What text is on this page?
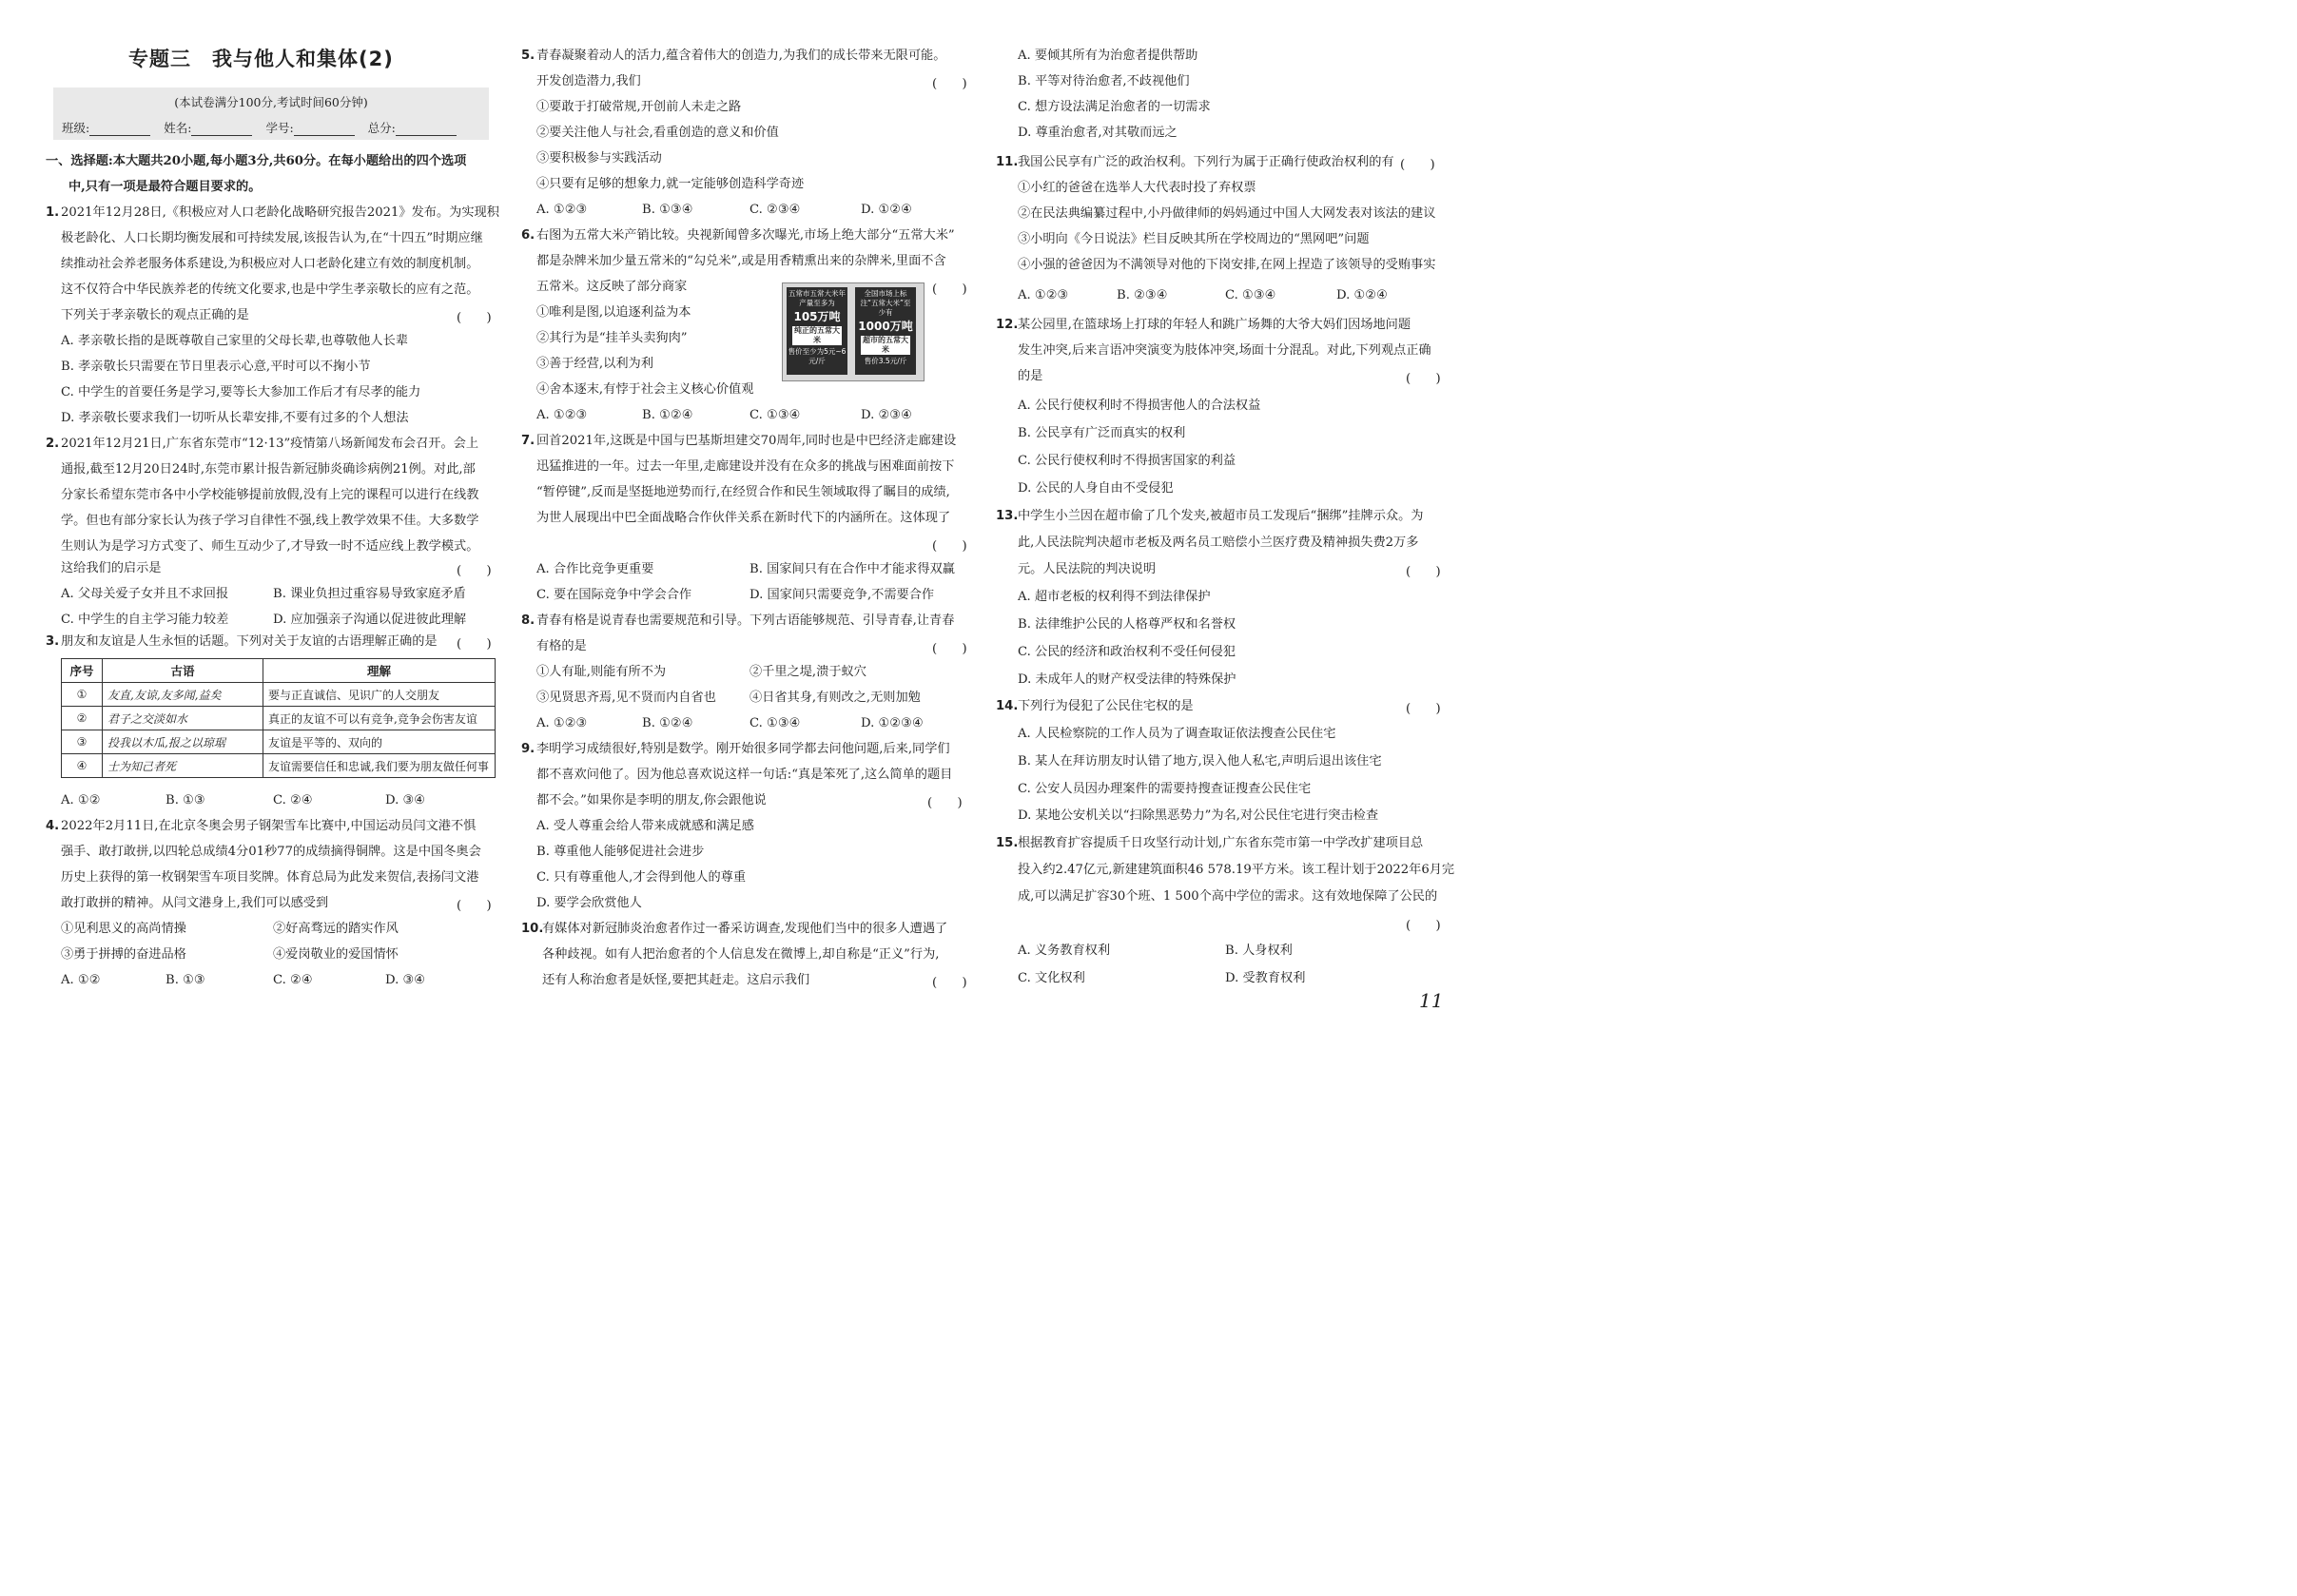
专题三　我与他人和集体(2)
(本试卷满分100分,考试时间60分钟)
班级:	姓名:	学号:	总分:
一、选择题:本大题共20小题,每小题3分,共60分。在每小题给出的四个选项
中,只有一项是最符合题目要求的。
1. 2021年12月28日,《积极应对人口老龄化战略研究报告2021》发布。为实现积
极老龄化、人口长期均衡发展和可持续发展,该报告认为,在“十四五”时期应继
续推动社会养老服务体系建设,为积极应对人口老龄化建立有效的制度机制。
这不仅符合中华民族养老的传统文化要求,也是中学生孝亲敬长的应有之范。
下列关于孝亲敬长的观点正确的是	(　　)
A. 孝亲敬长指的是既尊敬自己家里的父母长辈,也尊敬他人长辈
B. 孝亲敬长只需要在节日里表示心意,平时可以不掬小节
C. 中学生的首要任务是学习,要等长大参加工作后才有尽孝的能力
D. 孝亲敬长要求我们一切听从长辈安排,不要有过多的个人想法
2. 2021年12月21日,广东省东莞市“12·13”疫情第八场新闻发布会召开。会上
通报,截至12月20日24时,东莞市累计报告新冠肺炎确诊病例21例。对此,部
分家长希望东莞市各中小学校能够提前放假,没有上完的课程可以进行在线教
学。但也有部分家长认为孩子学习自律性不强,线上教学效果不佳。大多数学
生则认为是学习方式变了、师生互动少了,才导致一时不适应线上教学模式。
这给我们的启示是	(　　)
A. 父母关爱子女并且不求回报	B. 课业负担过重容易导致家庭矛盾
C. 中学生的自主学习能力较差	D. 应加强亲子沟通以促进彼此理解
3. 朋友和友谊是人生永恒的话题。下列对关于友谊的古语理解正确的是 (　　)
序号	古语	理解
①	友直,友谅,友多闻,益矣	要与正直诚信、见识广的人交朋友
②	君子之交淡如水	真正的友谊不可以有竞争,竞争会伤害友谊
③	投我以木瓜,报之以琼琚	友谊是平等的、双向的
④	士为知己者死	友谊需要信任和忠诚,我们要为朋友做任何事
A. ①②	B. ①③	C. ②④	D. ③④
4. 2022年2月11日,在北京冬奥会男子钢架雪车比赛中,中国运动员闫文港不惧
强手、敢打敢拼,以四轮总成绩4分01秒77的成绩摘得铜牌。这是中国冬奥会
历史上获得的第一枚钢架雪车项目奖牌。体育总局为此发来贺信,表扬闫文港
敢打敢拼的精神。从闫文港身上,我们可以感受到	(　　)
①见利思义的高尚情操	②好高骛远的踏实作风
③勇于拼搏的奋进品格	④爱岗敬业的爱国情怀
A. ①②	B. ①③	C. ②④	D. ③④
5. 青春凝聚着动人的活力,蕴含着伟大的创造力,为我们的成长带来无限可能。
开发创造潜力,我们	(　　)
①要敢于打破常规,开创前人未走之路
②要关注他人与社会,看重创造的意义和价值
③要积极参与实践活动
④只要有足够的想象力,就一定能够创造科学奇迹
A. ①②③	B. ①③④	C. ②③④	D. ①②④
6. 右图为五常大米产销比较。央视新闻曾多次曝光,市场上绝大部分“五常大米”
都是杂牌米加少量五常米的“勾兑米”,或是用香精熏出来的杂牌米,里面不含
五常米。这反映了部分商家	(　　)
①唯利是图,以追逐利益为本
②其行为是“挂羊头卖狗肉”
③善于经营,以利为利
④舍本逐末,有悖于社会主义核心价值观
A. ①②③	B. ①②④	C. ①③④	D. ②③④
五常市五常大米年产量至多为
105万吨
纯正的五常大米
售价至少为5元~6元/斤
全国市场上标注“五常大米”至少有
1000万吨
超市的五常大米
售价3.5元/斤
7. 回首2021年,这既是中国与巴基斯坦建交70周年,同时也是中巴经济走廊建设
迅猛推进的一年。过去一年里,走廊建设并没有在众多的挑战与困难面前按下
“暂停键”,反而是坚挺地逆势而行,在经贸合作和民生领域取得了瞩目的成绩,
为世人展现出中巴全面战略合作伙伴关系在新时代下的内涵所在。这体现了
(　　)
A. 合作比竞争更重要	B. 国家间只有在合作中才能求得双赢
C. 要在国际竞争中学会合作	D. 国家间只需要竞争,不需要合作
8. 青春有格是说青春也需要规范和引导。下列古语能够规范、引导青春,让青春
有格的是	(　　)
①人有耻,则能有所不为	②千里之堤,溃于蚁穴
③见贤思齐焉,见不贤而内自省也	④日省其身,有则改之,无则加勉
A. ①②③	B. ①②④	C. ①③④	D. ①②③④
9. 李明学习成绩很好,特别是数学。刚开始很多同学都去问他问题,后来,同学们
都不喜欢问他了。因为他总喜欢说这样一句话:“真是笨死了,这么简单的题目
都不会。”如果你是李明的朋友,你会跟他说	(　　)
A. 受人尊重会给人带来成就感和满足感
B. 尊重他人能够促进社会进步
C. 只有尊重他人,才会得到他人的尊重
D. 要学会欣赏他人
10.
有媒体对新冠肺炎治愈者作过一番采访调查,发现他们当中的很多人遭遇了
各种歧视。如有人把治愈者的个人信息发在微博上,却自称是“正义”行为,
还有人称治愈者是妖怪,要把其赶走。这启示我们	(　　)
A. 要倾其所有为治愈者提供帮助
B. 平等对待治愈者,不歧视他们
C. 想方设法满足治愈者的一切需求
D. 尊重治愈者,对其敬而远之
11. 我国公民享有广泛的政治权利。下列行为属于正确行使政治权利的有 (　　)
①小红的爸爸在选举人大代表时投了弃权票
②在民法典编纂过程中,小丹做律师的妈妈通过中国人大网发表对该法的建议
③小明向《今日说法》栏目反映其所在学校周边的“黑网吧”问题
④小强的爸爸因为不满领导对他的下岗安排,在网上捏造了该领导的受贿事实
A. ①②③	B. ②③④	C. ①③④	D. ①②④
12. 某公园里,在篮球场上打球的年轻人和跳广场舞的大爷大妈们因场地问题
发生冲突,后来言语冲突演变为肢体冲突,场面十分混乱。对此,下列观点正确
的是	(　　)
A. 公民行使权利时不得损害他人的合法权益
B. 公民享有广泛而真实的权利
C. 公民行使权利时不得损害国家的利益
D. 公民的人身自由不受侵犯
13. 中学生小兰因在超市偷了几个发夹,被超市员工发现后“捆绑”挂牌示众。为
此,人民法院判决超市老板及两名员工赔偿小兰医疗费及精神损失费2万多
元。人民法院的判决说明	(　　)
A. 超市老板的权利得不到法律保护
B. 法律维护公民的人格尊严权和名誉权
C. 公民的经济和政治权利不受任何侵犯
D. 未成年人的财产权受法律的特殊保护
14. 下列行为侵犯了公民住宅权的是	(　　)
A. 人民检察院的工作人员为了调查取证依法搜查公民住宅
B. 某人在拜访朋友时认错了地方,误入他人私宅,声明后退出该住宅
C. 公安人员因办理案件的需要持搜查证搜查公民住宅
D. 某地公安机关以“扫除黑恶势力”为名,对公民住宅进行突击检查
15. 根据教育扩容提质千日攻坚行动计划,广东省东莞市第一中学改扩建项目总
投入约2.47亿元,新建建筑面积46 578.19平方米。该工程计划于2022年6月完
成,可以满足扩容30个班、1 500个高中学位的需求。这有效地保障了公民的
(　　)
A. 义务教育权利	B. 人身权利
C. 文化权利	D. 受教育权利
11
